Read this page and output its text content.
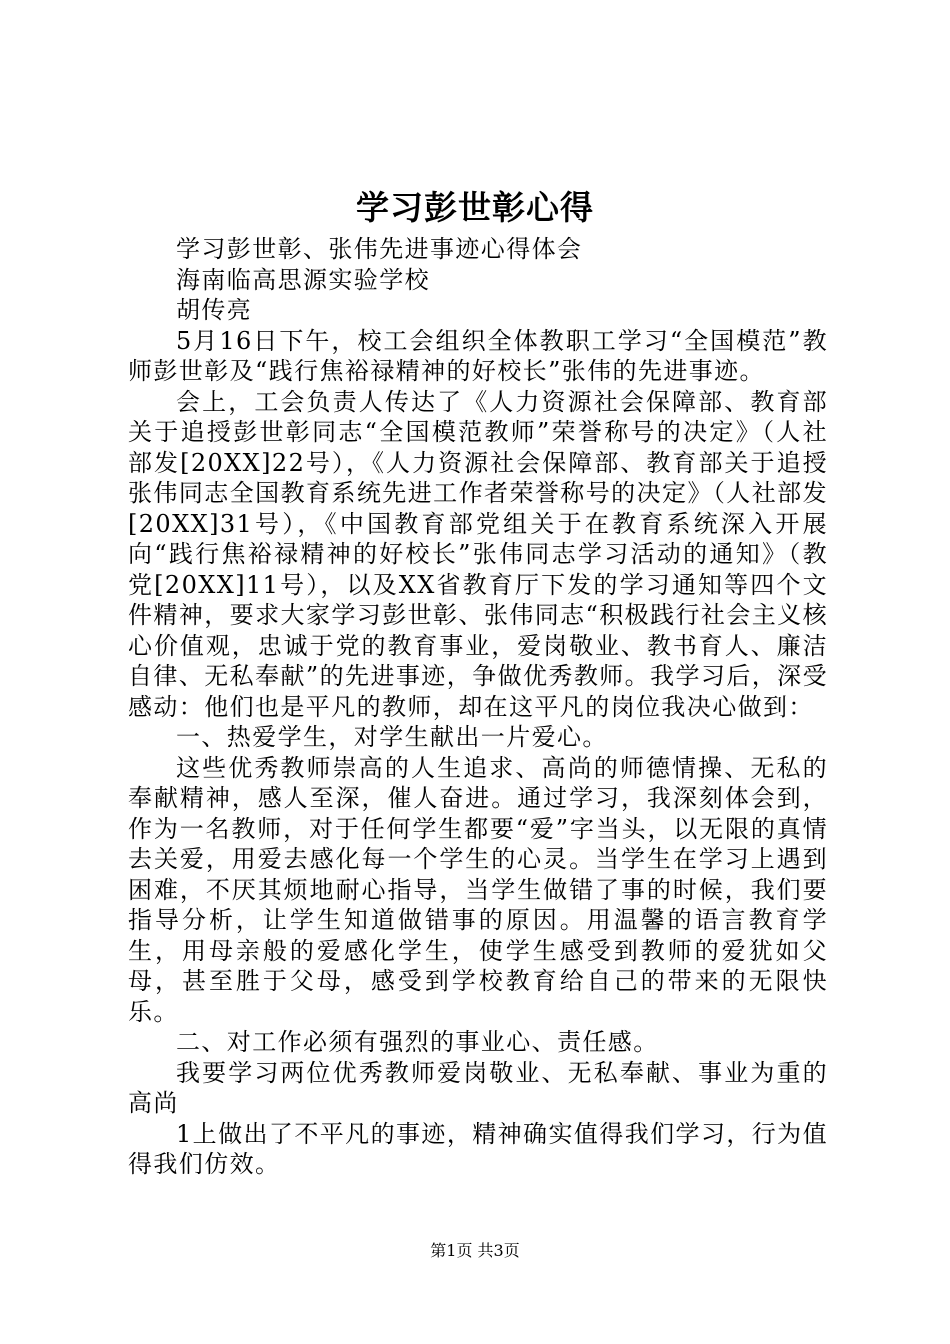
学习彭世彰心得

学习彭世彰、张伟先进事迹心得体会

海南临高思源实验学校

胡传亮

5月16日下午，校工会组织全体教职工学习“全国模范”教师彭世彰及“践行焦裕禄精神的好校长”张伟的先进事迹。

会上，工会负责人传达了《人力资源社会保障部、教育部关于追授彭世彰同志“全国模范教师”荣誉称号的决定》（人社部发[20XX]22号），《人力资源社会保障部、教育部关于追授张伟同志全国教育系统先进工作者荣誉称号的决定》（人社部发[20XX]31号），《中国教育部党组关于在教育系统深入开展向“践行焦裕禄精神的好校长”张伟同志学习活动的通知》（教党[20XX]11号），以及XX省教育厅下发的学习通知等四个文件精神，要求大家学习彭世彰、张伟同志“积极践行社会主义核心价值观，忠诚于党的教育事业，爱岗敬业、教书育人、廉洁自律、无私奉献”的先进事迹，争做优秀教师。我学习后，深受感动：他们也是平凡的教师，却在这平凡的岗位我决心做到：

一、热爱学生，对学生献出一片爱心。

这些优秀教师崇高的人生追求、高尚的师德情操、无私的奉献精神，感人至深，催人奋进。通过学习，我深刻体会到，作为一名教师，对于任何学生都要“爱”字当头，以无限的真情去关爱，用爱去感化每一个学生的心灵。当学生在学习上遇到困难，不厌其烦地耐心指导，当学生做错了事的时候，我们要指导分析，让学生知道做错事的原因。用温馨的语言教育学生，用母亲般的爱感化学生，使学生感受到教师的爱犹如父母，甚至胜于父母，感受到学校教育给自己的带来的无限快乐。

二、对工作必须有强烈的事业心、责任感。

我要学习两位优秀教师爱岗敬业、无私奉献、事业为重的高尚

1上做出了不平凡的事迹，精神确实值得我们学习，行为值得我们仿效。

第1页 共3页
